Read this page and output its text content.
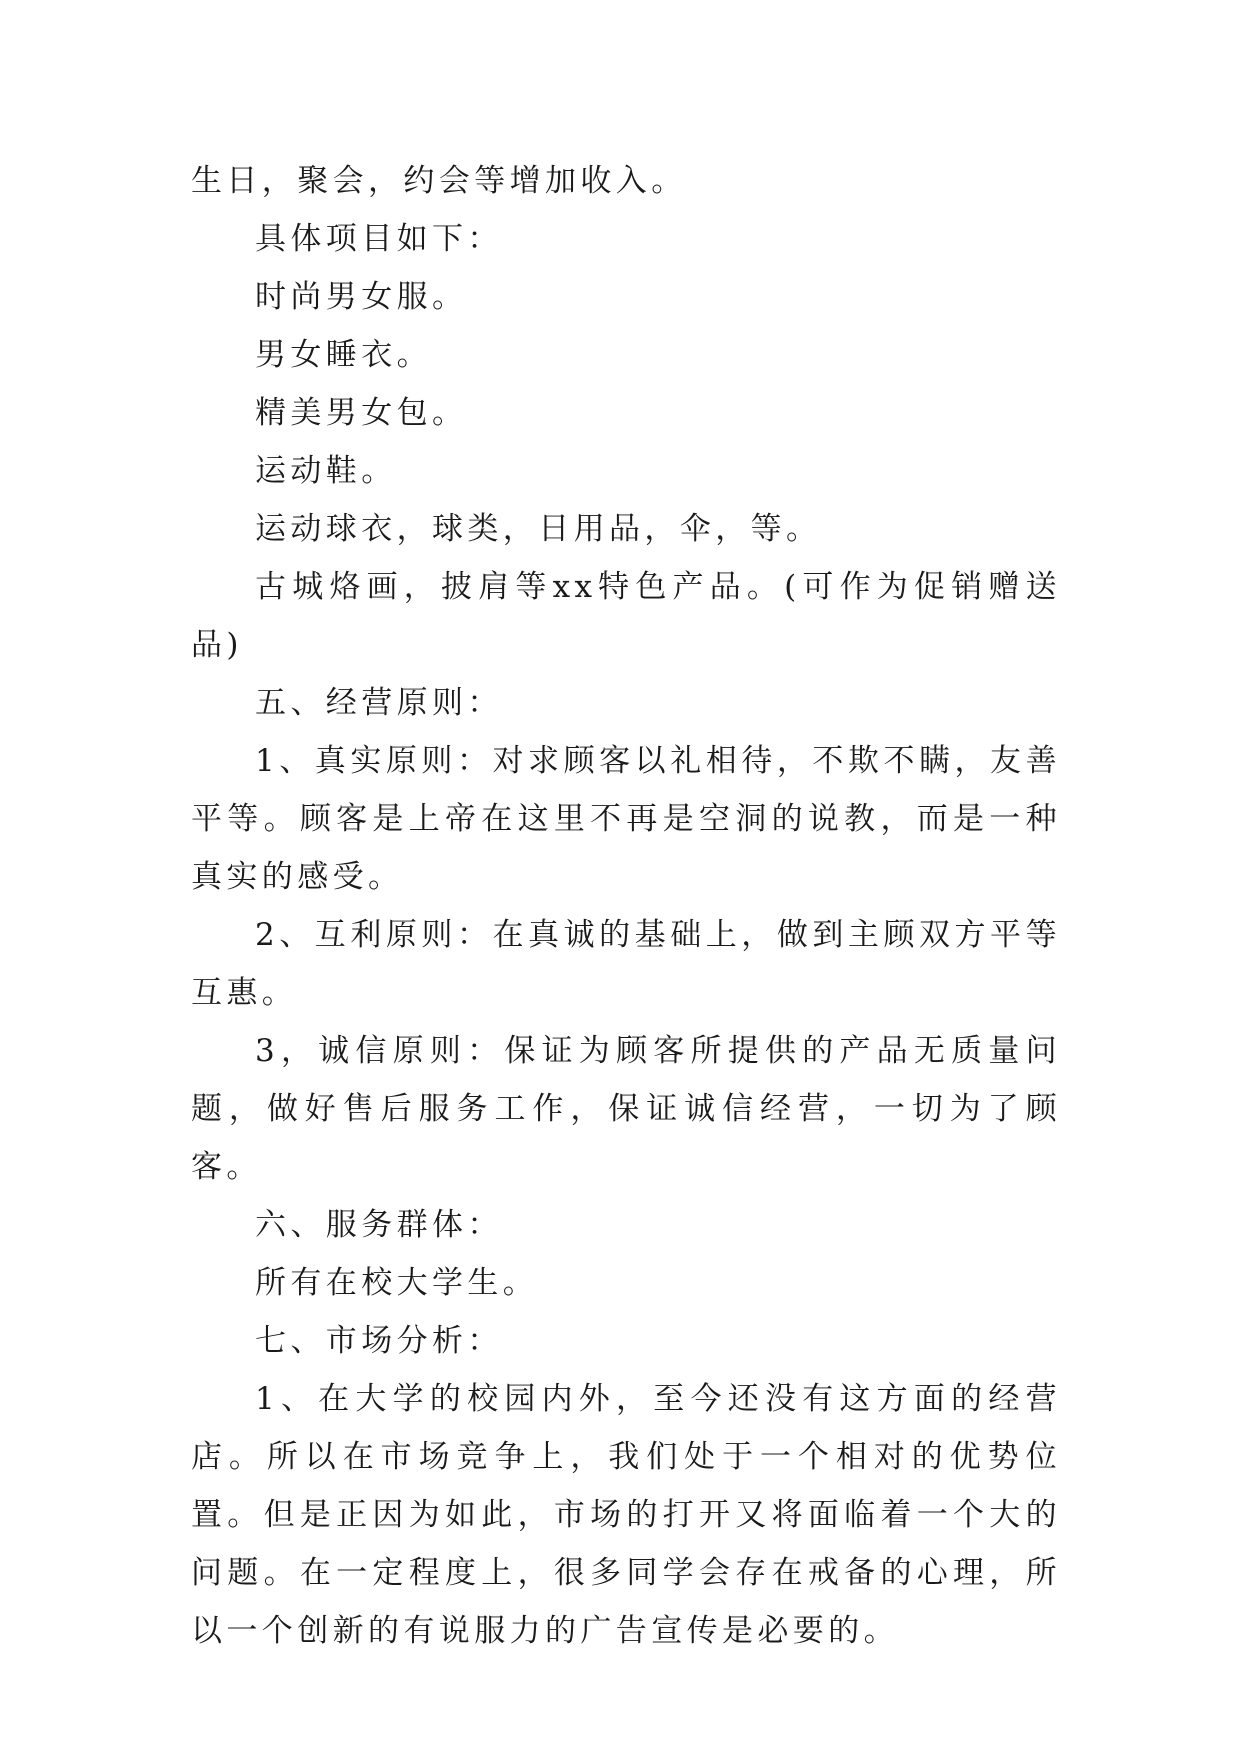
生日，聚会，约会等增加收入。

具体项目如下：

时尚男女服。

男女睡衣。

精美男女包。

运动鞋。

运动球衣，球类，日用品，伞，等。

古城烙画，披肩等xx特色产品。(可作为促销赠送品)

五、经营原则：

1、真实原则：对求顾客以礼相待，不欺不瞒，友善平等。顾客是上帝在这里不再是空洞的说教，而是一种真实的感受。

2、互利原则：在真诚的基础上，做到主顾双方平等互惠。

3，诚信原则：保证为顾客所提供的产品无质量问题，做好售后服务工作，保证诚信经营，一切为了顾客。

六、服务群体：

所有在校大学生。

七、市场分析：

1、在大学的校园内外，至今还没有这方面的经营店。所以在市场竞争上，我们处于一个相对的优势位置。但是正因为如此，市场的打开又将面临着一个大的问题。在一定程度上，很多同学会存在戒备的心理，所以一个创新的有说服力的广告宣传是必要的。
